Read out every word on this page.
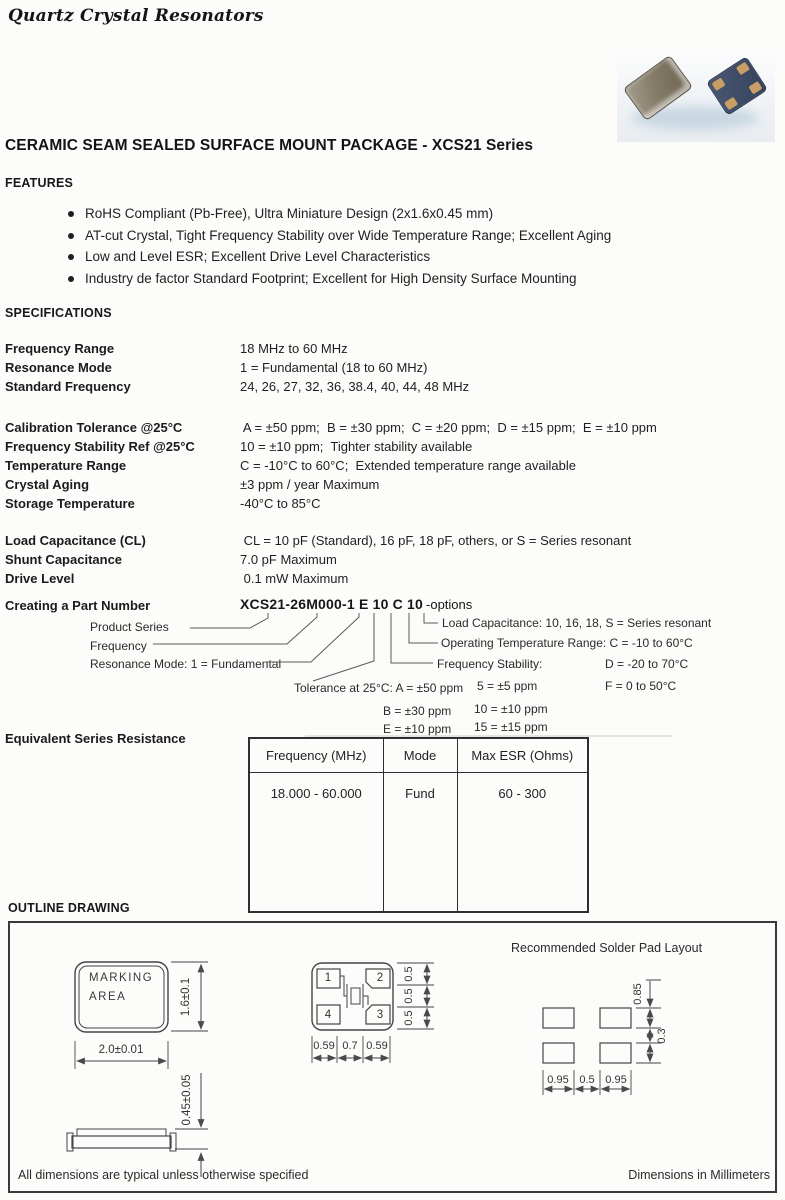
Quartz Crystal Resonators
CERAMIC SEAM SEALED SURFACE MOUNT PACKAGE - XCS21 Series
FEATURES
RoHS Compliant (Pb-Free), Ultra Miniature Design (2x1.6x0.45 mm)
AT-cut Crystal, Tight Frequency Stability over Wide Temperature Range; Excellent Aging
Low and Level ESR; Excellent Drive Level Characteristics
Industry de factor Standard Footprint; Excellent for High Density Surface Mounting
SPECIFICATIONS
Frequency Range	18 MHz to 60 MHz
Resonance Mode	1 = Fundamental (18 to 60 MHz)
Standard Frequency	24, 26, 27, 32, 36, 38.4, 40, 44, 48 MHz
Calibration Tolerance @25°C	A = ±50 ppm;  B = ±30 ppm;  C = ±20 ppm;  D = ±15 ppm;  E = ±10 ppm
Frequency Stability Ref @25°C	10 = ±10 ppm;  Tighter stability available
Temperature Range	C = -10°C to 60°C;  Extended temperature range available
Crystal Aging	±3 ppm / year Maximum
Storage Temperature	-40°C to 85°C
Load Capacitance (CL)	CL = 10 pF (Standard), 16 pF, 18 pF, others, or S = Series resonant
Shunt Capacitance	7.0 pF Maximum
Drive Level	0.1 mW Maximum
Creating a Part Number	XCS21-26M000-1 E 10 C 10 -options
Product Series
Frequency
Resonance Mode: 1 = Fundamental
Tolerance at 25°C: A = ±50 ppm
B = ±30 ppm
E = ±10 ppm
Frequency Stability:
5 = ±5 ppm
10 = ±10 ppm
15 = ±15 ppm
Load Capacitance: 10, 16, 18, S = Series resonant
Operating Temperature Range: C = -10 to 60°C
D = -20 to 70°C
F = 0 to 50°C
Equivalent Series Resistance
Frequency (MHz)	Mode	Max ESR (Ohms)
18.000 - 60.000	Fund	60 - 300
OUTLINE DRAWING
MARKING
AREA	1.6±0.1
2.0±0.01
0.45±0.05
1	2
4	3
0.5
0.5
0.5
0.59 0.7 0.59
Recommended Solder Pad Layout
0.85
0.3
0.95 0.5 0.95
All dimensions are typical unless otherwise specified	Dimensions in Millimeters
